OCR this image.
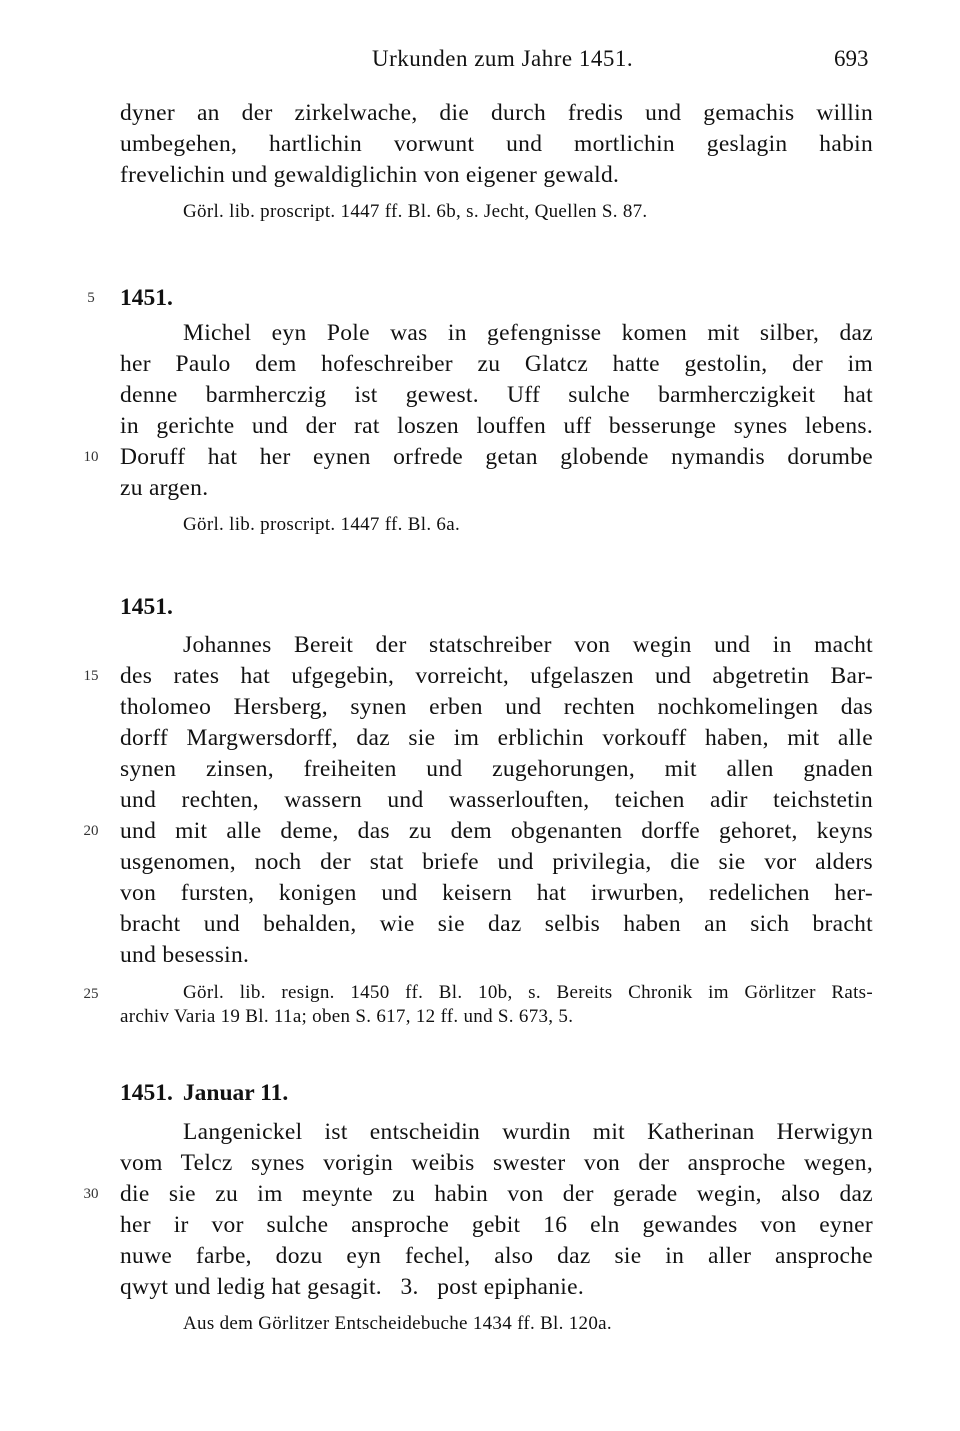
Urkunden zum Jahre 1451.	693
dyner an der zirkelwache, die durch fredis und gemachis willin
umbegehen, hartlichin vorwunt und mortlichin geslagin habin
frevelichin und gewaldiglichin von eigener gewald.
Görl. lib. proscript. 1447 ff. Bl. 6b, s. Jecht, Quellen S. 87.
5	1451.
Michel eyn Pole was in gefengnisse komen mit silber, daz
her Paulo dem hofeschreiber zu Glatcz hatte gestolin, der im
denne barmherczig ist gewest. Uff sulche barmherczigkeit hat
in gerichte und der rat loszen louffen uff besserunge synes lebens.
10 Doruff hat her eynen orfrede getan globende nymandis dorumbe
zu argen.
Görl. lib. proscript. 1447 ff. Bl. 6a.
1451.
Johannes Bereit der statschreiber von wegin und in macht
15 des rates hat ufgegebin, vorreicht, ufgelaszen und abgetretin Bar-
tholomeo Hersberg, synen erben und rechten nochkomelingen das
dorff Margwersdorff, daz sie im erblichin vorkouff haben, mit alle
synen zinsen, freiheiten und zugehorungen, mit allen gnaden
und rechten, wassern und wasserlouften, teichen adir teichstetin
20 und mit alle deme, das zu dem obgenanten dorffe gehoret, keyns
usgenomen, noch der stat briefe und privilegia, die sie vor alders
von fursten, konigen und keisern hat irwurben, redelichen her-
bracht und behalden, wie sie daz selbis haben an sich bracht
und besessin.
25	Görl. lib. resign. 1450 ff. Bl. 10b, s. Bereits Chronik im Görlitzer Rats-
archiv Varia 19 Bl. 11a; oben S. 617, 12 ff. und S. 673, 5.
1451. Januar 11.
Langenickel ist entscheidin wurdin mit Katherinan Herwigyn
vom Telcz synes vorigin weibis swester von der ansproche wegen,
30 die sie zu im meynte zu habin von der gerade wegin, also daz
her ir vor sulche ansproche gebit 16 eln gewandes von eyner
nuwe farbe, dozu eyn fechel, also daz sie in aller ansproche
qwyt und ledig hat gesagit.   3.   post epiphanie.
Aus dem Görlitzer Entscheidebuche 1434 ff. Bl. 120a.
